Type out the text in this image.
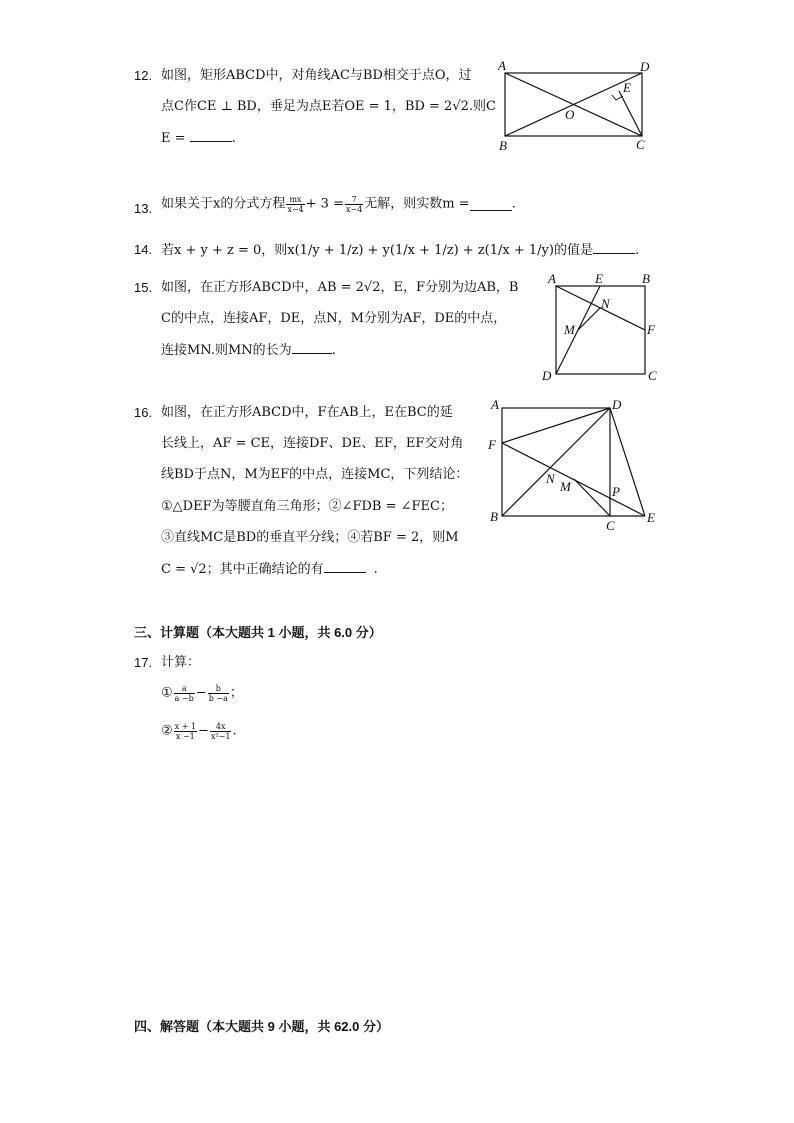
12. 如图，矩形ABCD中，对角线AC与BD相交于点O，过
点C作CE ⊥ BD，垂足为点E若OE = 1，BD = 2√2.则C
E =	.
A	D
B	C
O
E
13. 如果关于x的分式方程 $\frac{mx}{x-4} + 3 = \frac{7}{x-4}$ 无解，则实数m =	.
14. 若x + y + z = 0，则x(1/y + 1/z) + y(1/x + 1/z) + z(1/x + 1/y)的值是	.
15. 如图，在正方形ABCD中，AB = 2√2，E，F分别为边AB，B
C的中点，连接AF，DE，点N，M分别为AF，DE的中点，
连接MN.则MN的长为	.
A	E	B
N
F
M
D	C
16. 如图，在正方形ABCD中，F在AB上，E在BC的延
长线上，AF = CE，连接DF、DE、EF，EF交对角
线BD于点N，M为EF的中点，连接MC，下列结论：
①△DEF为等腰直角三角形；②∠FDB = ∠FEC；
③直线MC是BD的垂直平分线；④若BF = 2，则M
C = √2；其中正确结论的有	.
A	D
F
N
M	P
B
C
E
三、计算题（本大题共 1 小题，共 6.0 分）
17. 计算：
① $\frac{a}{a -b} - \frac{b}{b -a}$ ；
② $\frac{x + 1}{x -1} - \frac{4x}{\text{x²−1}}$ .
四、解答题（本大题共 9 小题，共 62.0 分）
